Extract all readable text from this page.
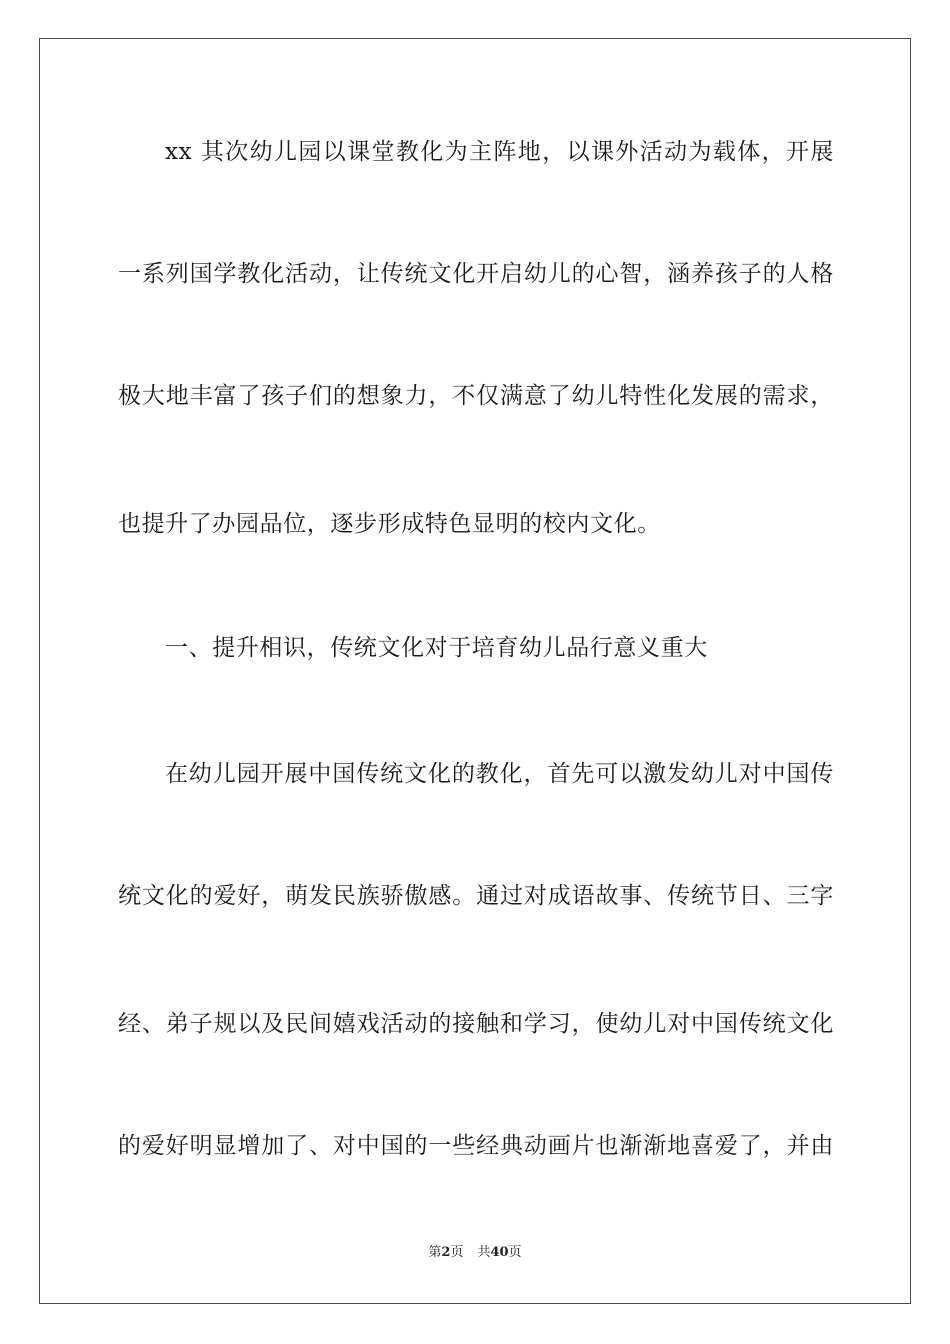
xx 其次幼儿园以课堂教化为主阵地，以课外活动为载体，开展
一系列国学教化活动，让传统文化开启幼儿的心智，涵养孩子的人格
极大地丰富了孩子们的想象力，不仅满意了幼儿特性化发展的需求，
也提升了办园品位，逐步形成特色显明的校内文化。
一、提升相识，传统文化对于培育幼儿品行意义重大
在幼儿园开展中国传统文化的教化，首先可以激发幼儿对中国传
统文化的爱好，萌发民族骄傲感。通过对成语故事、传统节日、三字
经、弟子规以及民间嬉戏活动的接触和学习，使幼儿对中国传统文化
的爱好明显增加了、对中国的一些经典动画片也渐渐地喜爱了，并由
第2页 共40页
